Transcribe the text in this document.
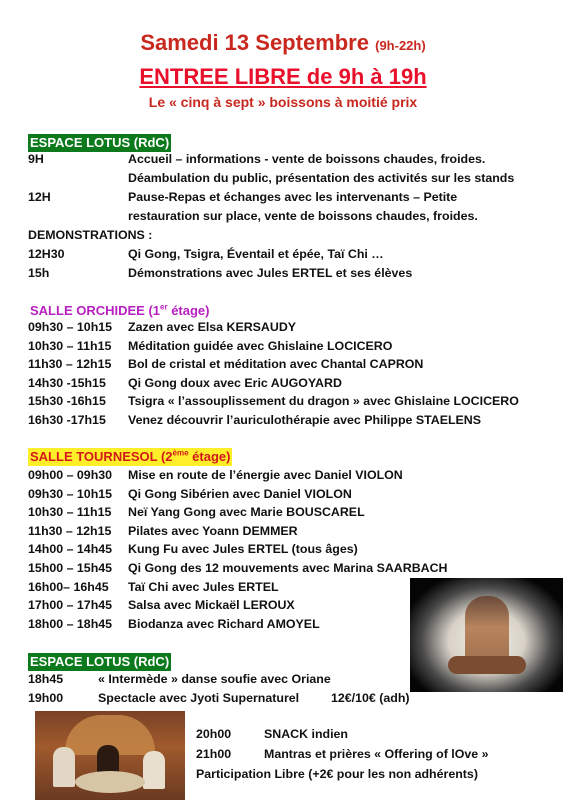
Samedi 13 Septembre (9h-22h)
ENTREE LIBRE de 9h à 19h
Le « cinq à sept » boissons à moitié prix
ESPACE LOTUS (RdC)
9H	Accueil – informations - vente de boissons chaudes, froides.
Déambulation du public, présentation des activités sur les stands
12H	Pause-Repas et échanges avec les intervenants – Petite
restauration sur place, vente de boissons chaudes, froides.
DEMONSTRATIONS :
12H30	Qi Gong, Tsigra, Éventail et épée, Taï Chi …
15h	Démonstrations avec Jules ERTEL et ses élèves
SALLE ORCHIDEE (1er étage)
09h30 – 10h15 Zazen avec Elsa KERSAUDY
10h30 – 11h15 Méditation guidée avec Ghislaine LOCICERO
11h30 – 12h15 Bol de cristal et méditation avec Chantal CAPRON
14h30 -15h15 Qi Gong doux avec Eric AUGOYARD
15h30 -16h15 Tsigra « l’assouplissement du dragon » avec Ghislaine LOCICERO
16h30 -17h15 Venez découvrir l’auriculothérapie avec Philippe STAELENS
SALLE TOURNESOL (2ème étage)
09h00 – 09h30 Mise en route de l’énergie avec Daniel VIOLON
09h30 – 10h15 Qi Gong Sibérien avec Daniel VIOLON
10h30 – 11h15 Neï Yang Gong avec Marie BOUSCAREL
11h30 – 12h15 Pilates avec Yoann DEMMER
14h00 – 14h45 Kung Fu avec Jules ERTEL (tous âges)
15h00 – 15h45 Qi Gong des 12 mouvements avec Marina SAARBACH
16h00– 16h45 Taï Chi avec Jules ERTEL
17h00 – 17h45 Salsa avec Mickaël LEROUX
18h00 – 18h45 Biodanza avec Richard AMOYEL
ESPACE LOTUS (RdC)
18h45	« Intermède » danse soufie avec Oriane
19h00	Spectacle avec Jyoti Supernaturel	12€/10€ (adh)
20h00	SNACK indien
21h00	Mantras et prières « Offering of lOve »
Participation Libre (+2€ pour les non adhérents)
